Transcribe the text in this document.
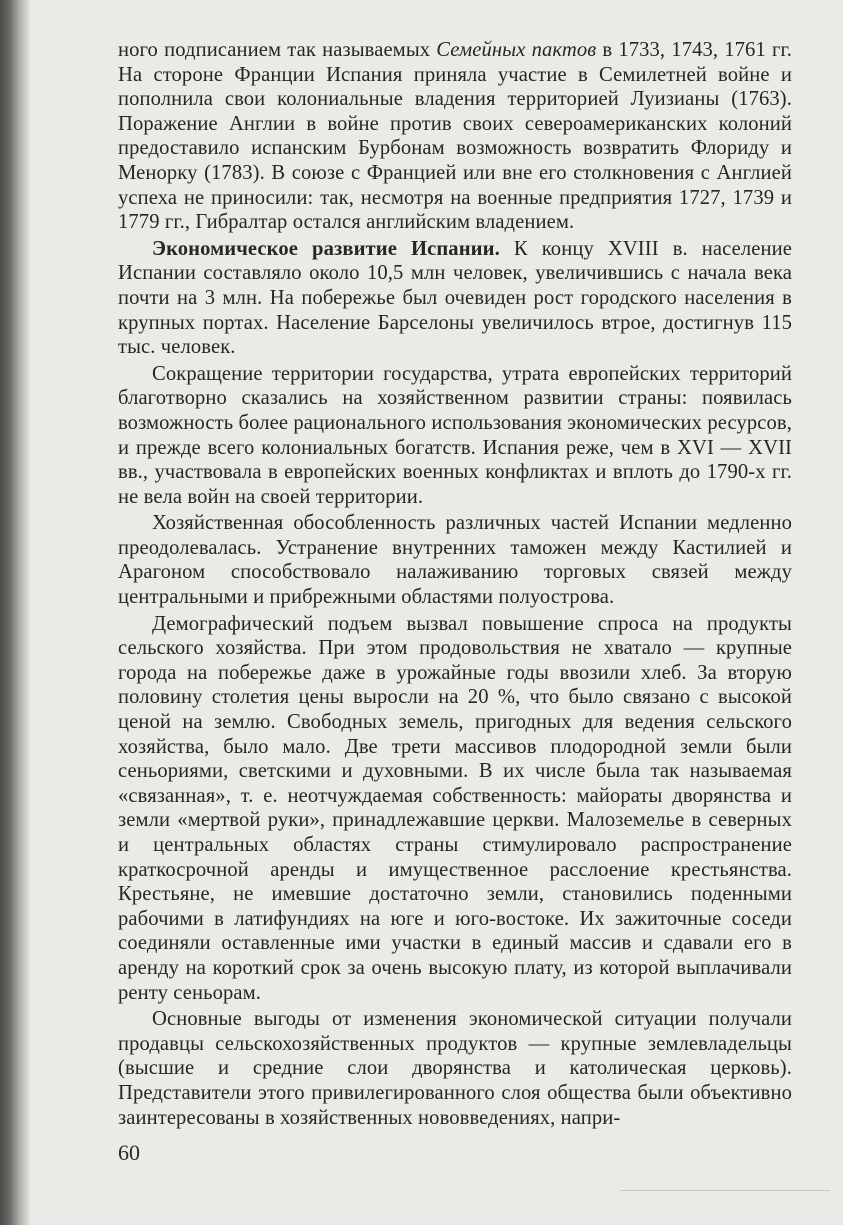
ного подписанием так называемых Семейных пактов в 1733, 1743, 1761 гг. На стороне Франции Испания приняла участие в Семилетней войне и пополнила свои колониальные владения территорией Луизианы (1763). Поражение Англии в войне против своих североамериканских колоний предоставило испанским Бурбонам возможность возвратить Флориду и Менорку (1783). В союзе с Францией или вне его столкновения с Англией успеха не приносили: так, несмотря на военные предприятия 1727, 1739 и 1779 гг., Гибралтар остался английским владением.

Экономическое развитие Испании. К концу XVIII в. население Испании составляло около 10,5 млн человек, увеличившись с начала века почти на 3 млн. На побережье был очевиден рост городского населения в крупных портах. Население Барселоны увеличилось втрое, достигнув 115 тыс. человек.

Сокращение территории государства, утрата европейских территорий благотворно сказались на хозяйственном развитии страны: появилась возможность более рационального использования экономических ресурсов, и прежде всего колониальных богатств. Испания реже, чем в XVI — XVII вв., участвовала в европейских военных конфликтах и вплоть до 1790-х гг. не вела войн на своей территории.

Хозяйственная обособленность различных частей Испании медленно преодолевалась. Устранение внутренних таможен между Кастилией и Арагоном способствовало налаживанию торговых связей между центральными и прибрежными областями полуострова.

Демографический подъем вызвал повышение спроса на продукты сельского хозяйства. При этом продовольствия не хватало — крупные города на побережье даже в урожайные годы ввозили хлеб. За вторую половину столетия цены выросли на 20 %, что было связано с высокой ценой на землю. Свободных земель, пригодных для ведения сельского хозяйства, было мало. Две трети массивов плодородной земли были сеньориями, светскими и духовными. В их числе была так называемая «связанная», т. е. неотчуждаемая собственность: майораты дворянства и земли «мертвой руки», принадлежавшие церкви. Малоземелье в северных и центральных областях страны стимулировало распространение краткосрочной аренды и имущественное расслоение крестьянства. Крестьяне, не имевшие достаточно земли, становились поденными рабочими в латифундиях на юге и юго-востоке. Их зажиточные соседи соединяли оставленные ими участки в единый массив и сдавали его в аренду на короткий срок за очень высокую плату, из которой выплачивали ренту сеньорам.

Основные выгоды от изменения экономической ситуации получали продавцы сельскохозяйственных продуктов — крупные землевладельцы (высшие и средние слои дворянства и католическая церковь). Представители этого привилегированного слоя общества были объективно заинтересованы в хозяйственных нововведениях, напри-

60
